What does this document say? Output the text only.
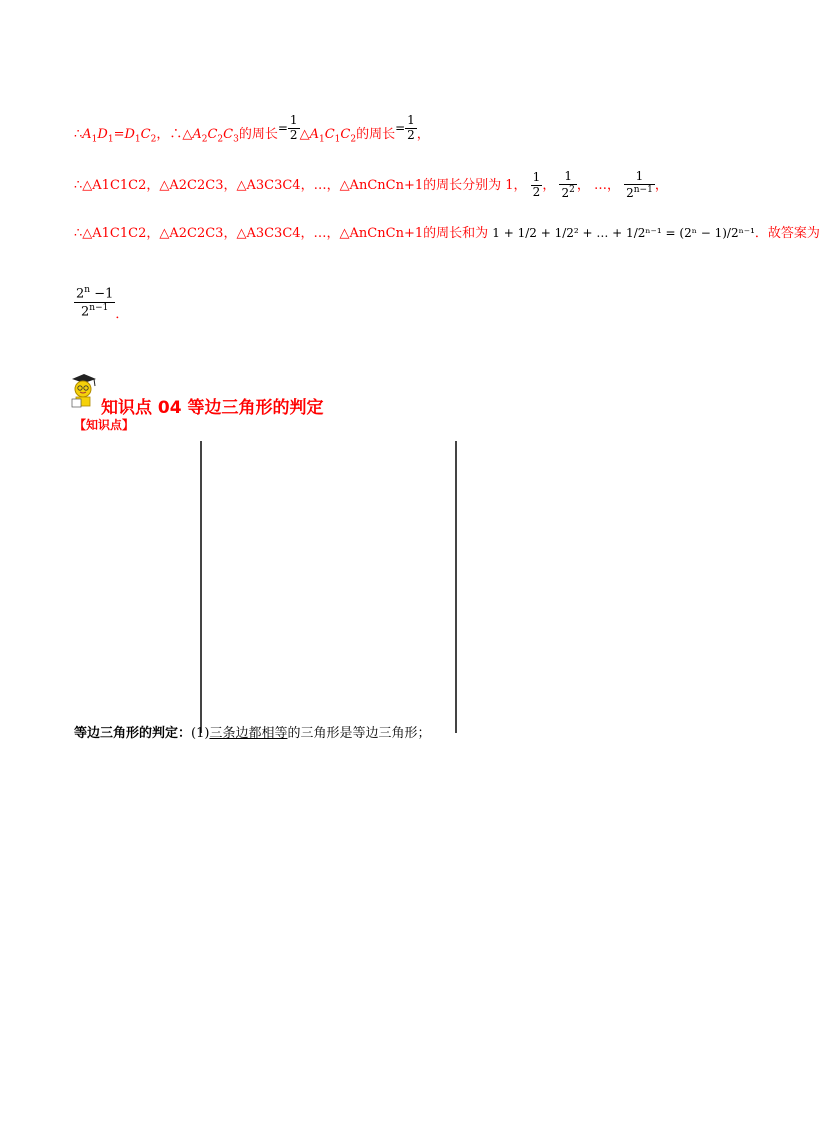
$\therefore A_1D_1=D_1C_2$，$\therefore\triangle A_2C_2C_3$的周长= $\frac{1}{2}$ $\triangle A_1C_1C_2$的周长= $\frac{1}{2}$ ，
∴△A1C1C2，△A2C2C3，△A3C3C4，…，△AnCnCn+1的周长分别为 1， $\frac{1}{2}$ ， $\frac{1}{2^2}$ ， …， $\frac{1}{2^{n-1}}$ ，
∴△A1C1C2，△A2C2C3，△A3C3C4，…，△AnCnCn+1的周长和为 1 + 1/2 + 1/2² + … + 1/2ⁿ⁻¹ = (2ⁿ − 1)/2ⁿ⁻¹．故答案为
$\frac{2^n -1}{2^{n-1}}$ ．
知识点 04 等边三角形的判定
【知识点】
等边三角形的判定：(1)三条边都相等的三角形是等边三角形；
